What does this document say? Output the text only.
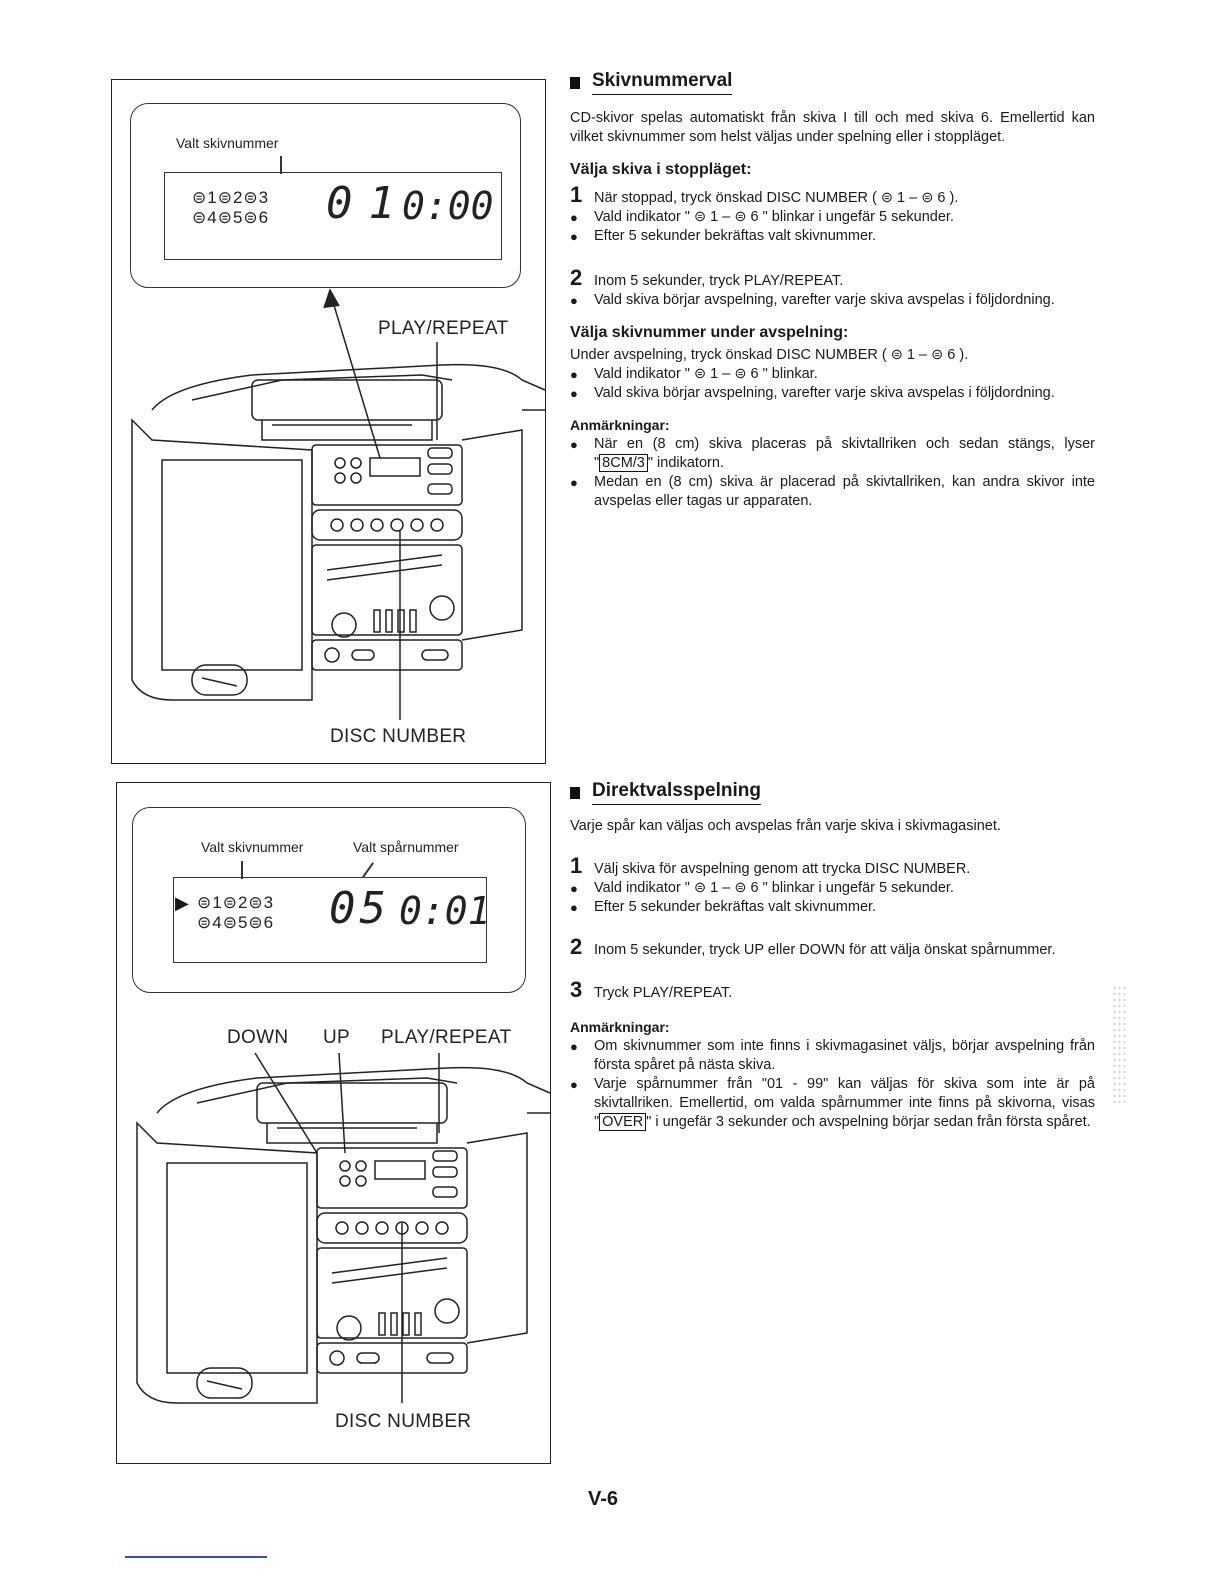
Valt skivnummer
⊜1⊜2⊜3
⊜4⊜5⊜6 01
0:00
PLAY/REPEAT
DISC NUMBER
Valt skivnummer	Valt spårnummer
▶ ⊜1⊜2⊜3
⊜4⊜5⊜6 05 0:01
DOWN UP PLAY/REPEAT
DISC NUMBER
Skivnummerval

CD-skivor spelas automatiskt från skiva I till och med skiva 6. Emellertid kan vilket skivnummer som helst väljas under spelning eller i stoppläget.

Välja skiva i stoppläget:
1 När stoppad, tryck önskad DISC NUMBER ( ⊜ 1 – ⊜ 6 ).
●	Vald indikator " ⊜ 1 – ⊜ 6 " blinkar i ungefär 5 sekunder.
●	Efter 5 sekunder bekräftas valt skivnummer.
2 Inom 5 sekunder, tryck PLAY/REPEAT.
●	Vald skiva börjar avspelning, varefter varje skiva avspelas i följdordning.
Välja skivnummer under avspelning:

Under avspelning, tryck önskad DISC NUMBER ( ⊜ 1 – ⊜ 6 ).

●	Vald indikator " ⊜ 1 – ⊜ 6 " blinkar.
●	Vald skiva börjar avspelning, varefter varje skiva avspelas i följdordning.
Anmärkningar:
●	När en (8 cm) skiva placeras på skivtallriken och sedan stängs, lyser " 8CM/3 " indikatorn.
●	Medan en (8 cm) skiva är placerad på skivtallriken, kan andra skivor inte avspelas eller tagas ur apparaten.
Direktvalsspelning

Varje spår kan väljas och avspelas från varje skiva i skivmagasinet.

1 Välj skiva för avspelning genom att trycka DISC NUMBER.
●	Vald indikator " ⊜ 1 – ⊜ 6 " blinkar i ungefär 5 sekunder.
●	Efter 5 sekunder bekräftas valt skivnummer.
2 Inom 5 sekunder, tryck UP eller DOWN för att välja önskat spårnummer.
3 Tryck PLAY/REPEAT.
Anmärkningar:
●	Om skivnummer som inte finns i skivmagasinet väljs, börjar avspelning från första spåret på nästa skiva.
●	Varje spårnummer från "01 - 99" kan väljas för skiva som inte är på skivtallriken. Emellertid, om valda spårnummer inte finns på skivorna, visas " OVER " i ungefär 3 sekunder och avspelning börjar sedan från första spåret.
V-6
